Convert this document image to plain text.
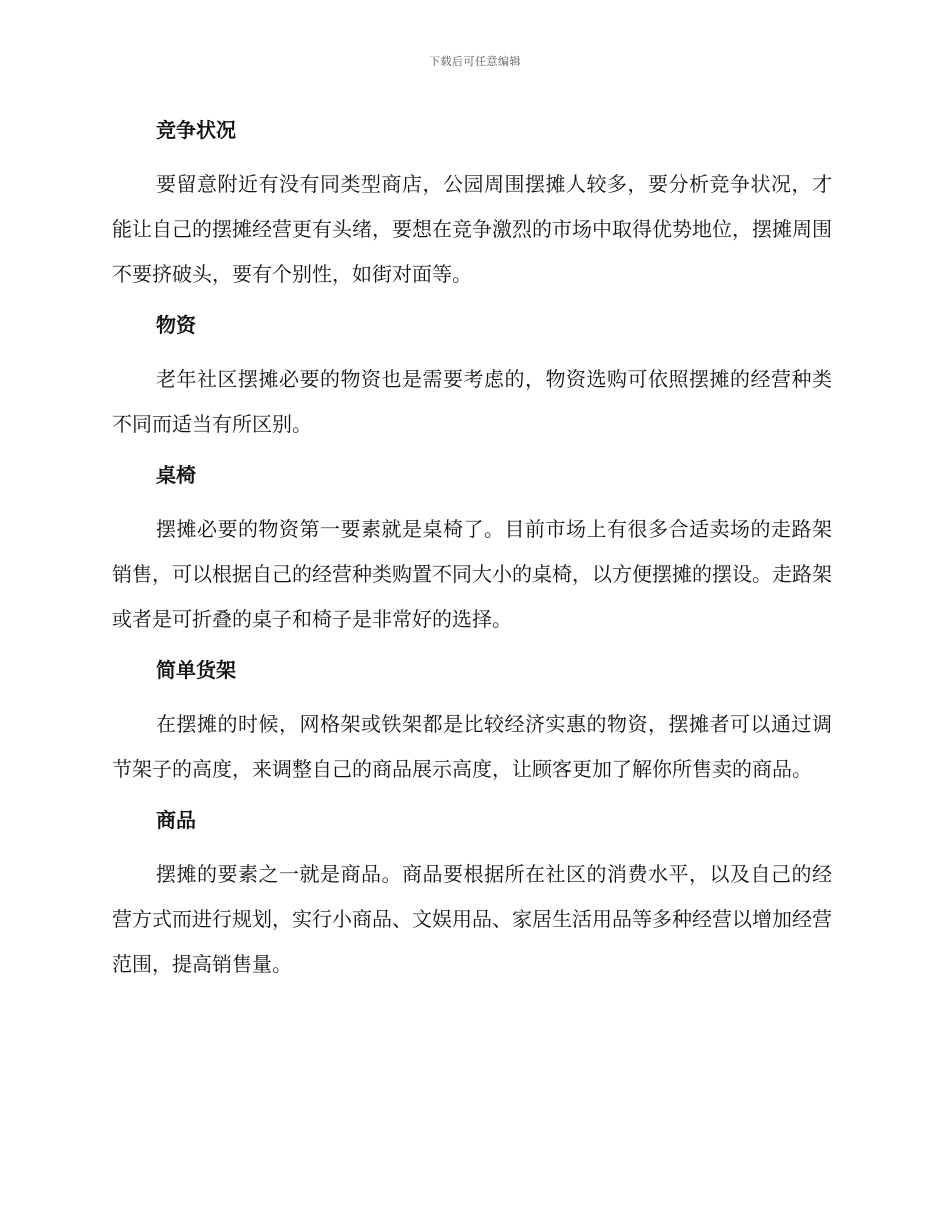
下载后可任意编辑
竞争状况

要留意附近有没有同类型商店，公园周围摆摊人较多，要分析竞争状况，才能让自己的摆摊经营更有头绪，要想在竞争激烈的市场中取得优势地位，摆摊周围不要挤破头，要有个别性，如街对面等。

物资

老年社区摆摊必要的物资也是需要考虑的，物资选购可依照摆摊的经营种类不同而适当有所区别。

桌椅

摆摊必要的物资第一要素就是桌椅了。目前市场上有很多合适卖场的走路架销售，可以根据自己的经营种类购置不同大小的桌椅，以方便摆摊的摆设。走路架或者是可折叠的桌子和椅子是非常好的选择。

简单货架

在摆摊的时候，网格架或铁架都是比较经济实惠的物资，摆摊者可以通过调节架子的高度，来调整自己的商品展示高度，让顾客更加了解你所售卖的商品。

商品

摆摊的要素之一就是商品。商品要根据所在社区的消费水平，以及自己的经营方式而进行规划，实行小商品、文娱用品、家居生活用品等多种经营以增加经营范围，提高销售量。
